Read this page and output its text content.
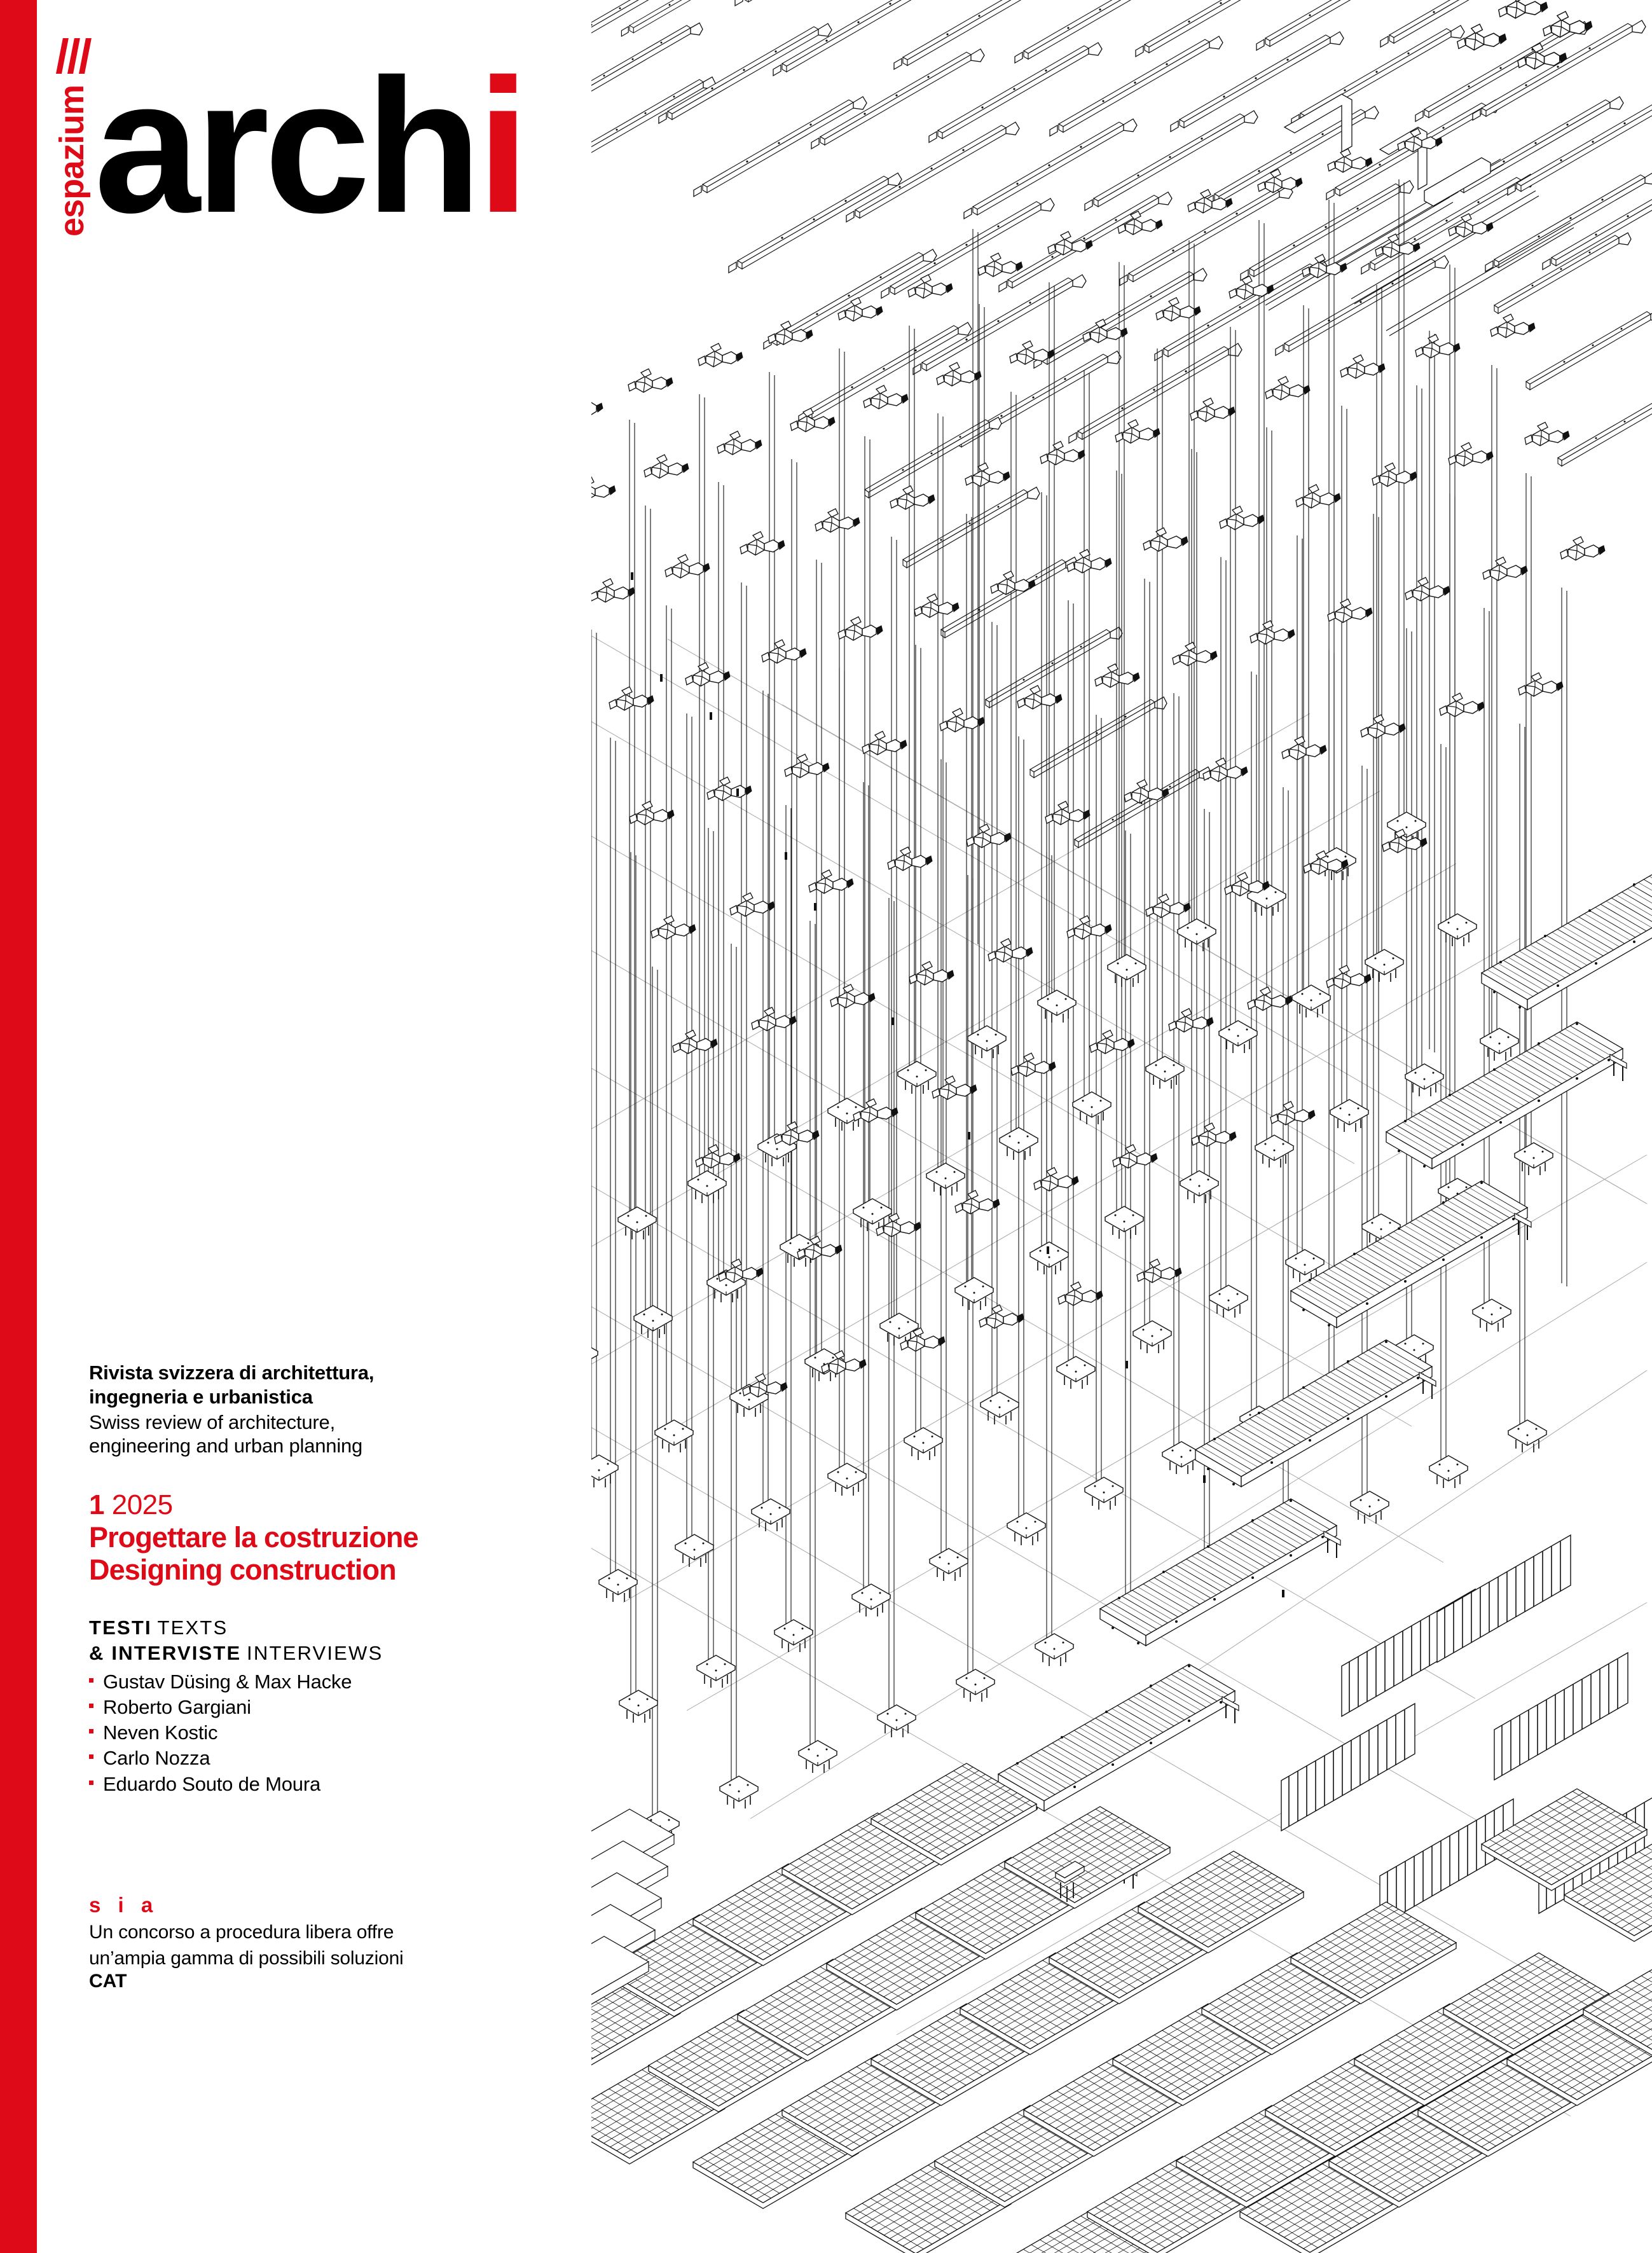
espazium archi
Rivista svizzera di architettura,
ingegneria e urbanistica
Swiss review of architecture,
engineering and urban planning
1 2025
Progettare la costruzione
Designing construction
TESTI TEXTS
& INTERVISTE INTERVIEWS
Gustav Düsing & Max Hacke
Roberto Gargiani
Neven Kostic
Carlo Nozza
Eduardo Souto de Moura
s i a
Un concorso a procedura libera offre
un’ampia gamma di possibili soluzioni
CAT
